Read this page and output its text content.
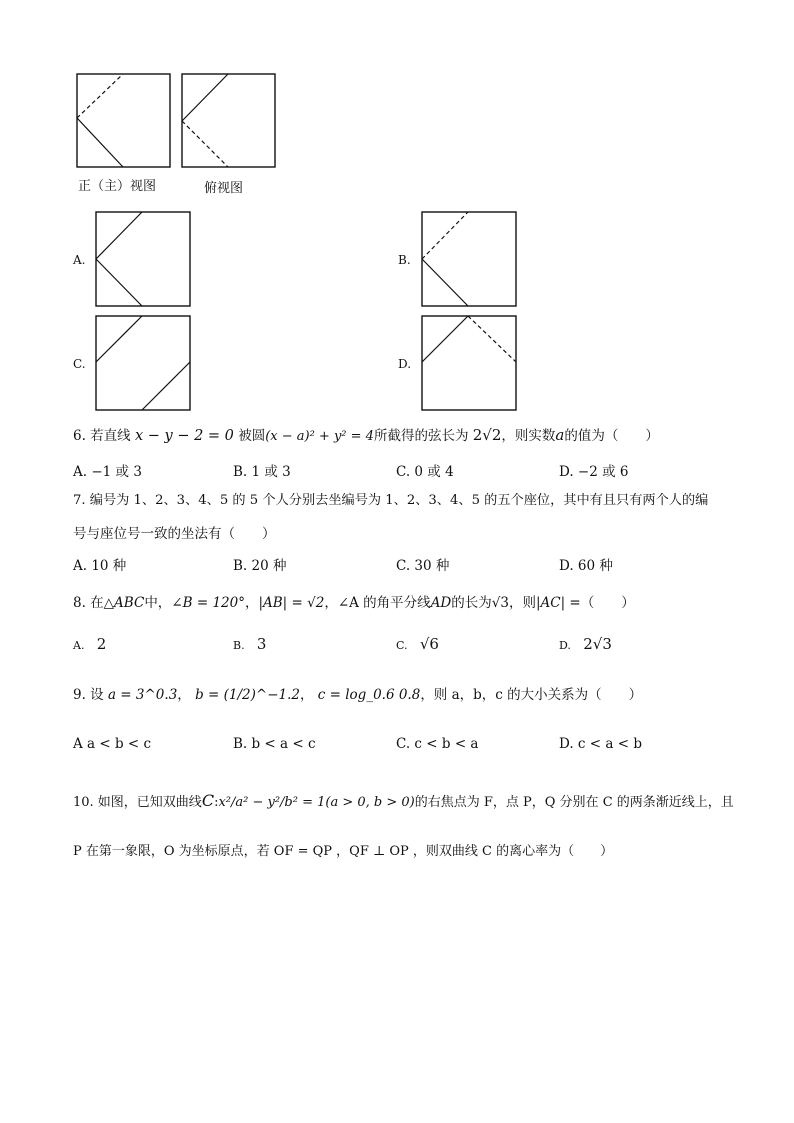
正（主）视图	俯视图
A.	B.
C.	D.
6. 若直线 x − y − 2 = 0 被圆(x − a)² + y² = 4所截得的弦长为 2√2，则实数a的值为（　　）
A. −1 或 3	B. 1 或 3	C. 0 或 4	D. −2 或 6
7. 编号为 1、2、3、4、5 的 5 个人分别去坐编号为 1、2、3、4、5 的五个座位，其中有且只有两个人的编
号与座位号一致的坐法有（　　）
A. 10 种	B. 20 种	C. 30 种	D. 60 种
8. 在△ABC中，∠B = 120°，|AB| = √2，∠A 的角平分线AD的长为√3，则|AC| =（　　）
A. 2	B. 3	C. √6	D. 2√3
9. 设 a = 3^0.3， b = (1/2)^−1.2， c = log_0.6 0.8，则 a，b，c 的大小关系为（　　）
A a < b < c	B. b < a < c	C. c < b < a	D. c < a < b
10. 如图，已知双曲线C:x²/a² − y²/b² = 1(a > 0, b > 0)的右焦点为 F，点 P，Q 分别在 C 的两条渐近线上，且
P 在第一象限，O 为坐标原点，若 OF = QP ，QF ⊥ OP ，则双曲线 C 的离心率为（　　）
